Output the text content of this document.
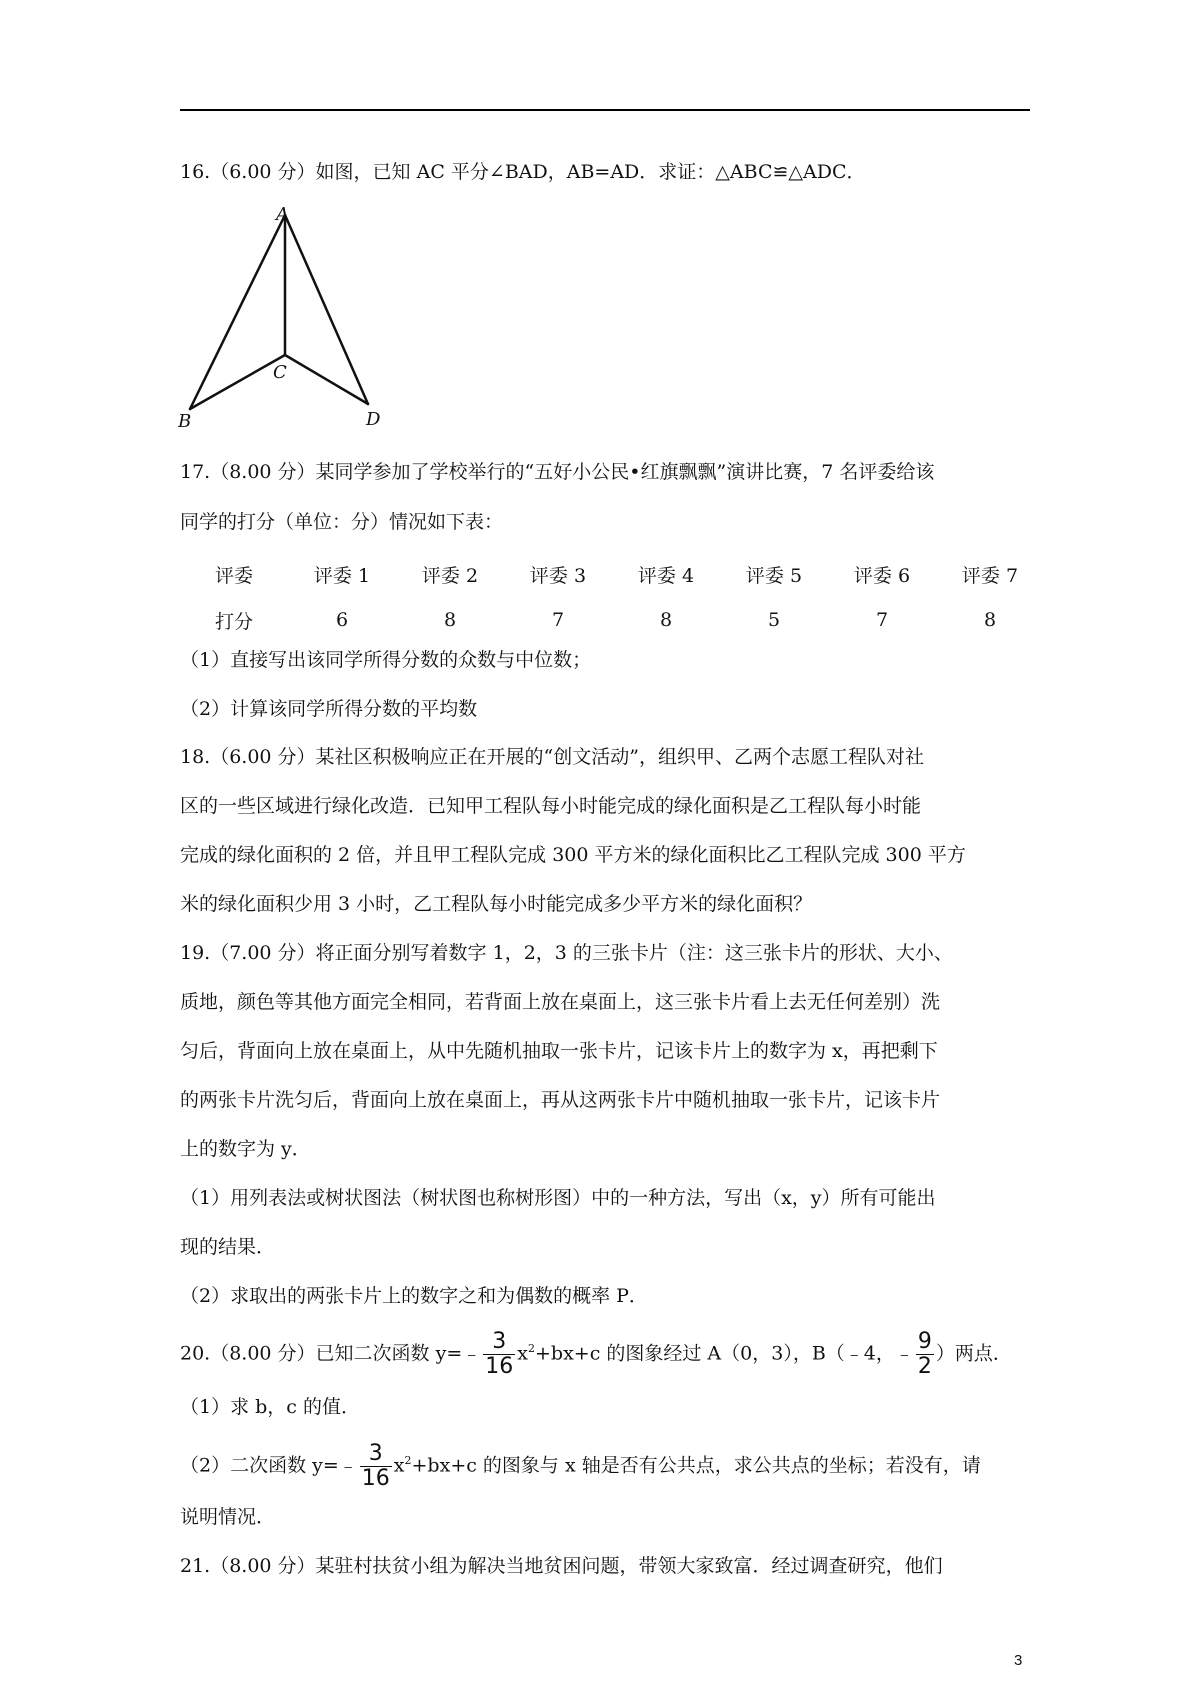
16.（6.00 分）如图，已知 AC 平分∠BAD，AB=AD．求证：△ABC≌△ADC．
A
C
B	D
17.（8.00 分）某同学参加了学校举行的“五好小公民•红旗飘飘”演讲比赛，7 名评委给该
同学的打分（单位：分）情况如下表：
评委	评委 1	评委 2	评委 3	评委 4	评委 5	评委 6	评委 7
打分	6	8	7	8	5	7	8
（1）直接写出该同学所得分数的众数与中位数；
（2）计算该同学所得分数的平均数
18.（6.00 分）某社区积极响应正在开展的“创文活动”，组织甲、乙两个志愿工程队对社
区的一些区域进行绿化改造．已知甲工程队每小时能完成的绿化面积是乙工程队每小时能
完成的绿化面积的 2 倍，并且甲工程队完成 300 平方米的绿化面积比乙工程队完成 300 平方
米的绿化面积少用 3 小时，乙工程队每小时能完成多少平方米的绿化面积？
19.（7.00 分）将正面分别写着数字 1，2，3 的三张卡片（注：这三张卡片的形状、大小、
质地，颜色等其他方面完全相同，若背面上放在桌面上，这三张卡片看上去无任何差别）洗
匀后，背面向上放在桌面上，从中先随机抽取一张卡片，记该卡片上的数字为 x，再把剩下
的两张卡片洗匀后，背面向上放在桌面上，再从这两张卡片中随机抽取一张卡片，记该卡片
上的数字为 y．
（1）用列表法或树状图法（树状图也称树形图）中的一种方法，写出（x，y）所有可能出
现的结果．
（2）求取出的两张卡片上的数字之和为偶数的概率 P．
20.（8.00 分）已知二次函数 y=﹣ $\frac{3}{16} x^2+bx+c$ 的图象经过 A（0，3），B（﹣4，﹣ $\frac{9}{2}$ ）两点．
（1）求 b，c 的值．
（2）二次函数 y=﹣ $\frac{3}{16} x^2+bx+c$ 的图象与 x 轴是否有公共点，求公共点的坐标；若没有，请
说明情况．
21.（8.00 分）某驻村扶贫小组为解决当地贫困问题，带领大家致富．经过调查研究，他们
3
